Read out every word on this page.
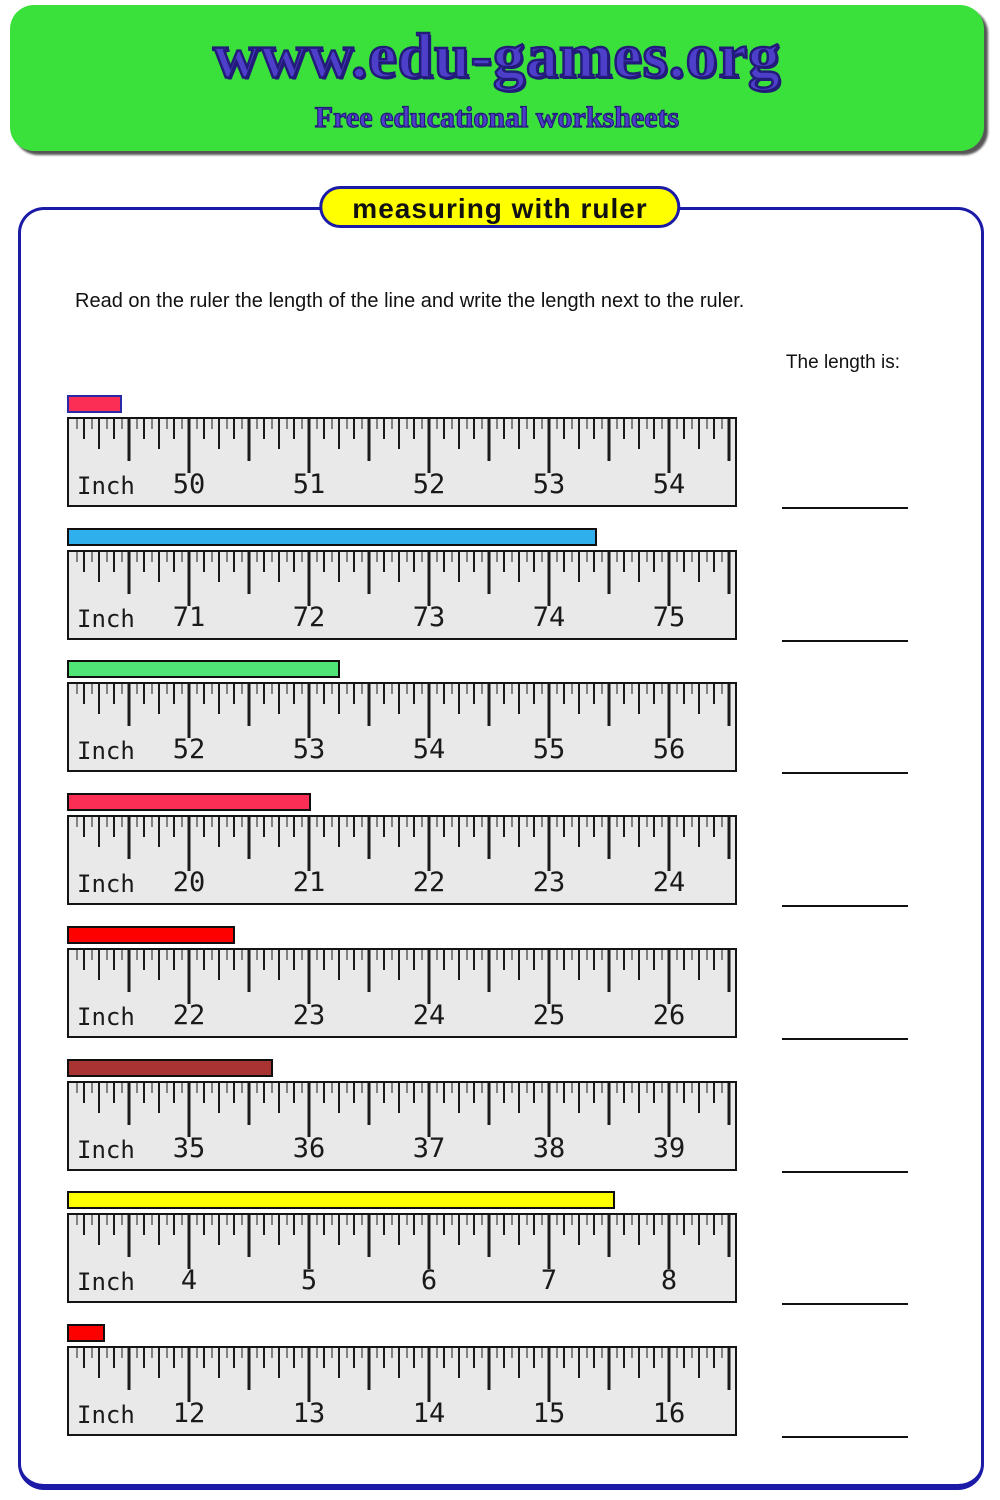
www.edu-games.org

Free educational worksheets

measuring with ruler

Read on the ruler the length of the line and write the length next to the ruler.

The length is:

Inch	50	51	52	53	54
Inch	71	72	73	74	75
Inch	52	53	54	55	56
Inch	20	21	22	23	24
Inch	22	23	24	25	26
Inch	35	36	37	38	39
Inch	4	5	6	7	8
Inch	12	13	14	15	16
